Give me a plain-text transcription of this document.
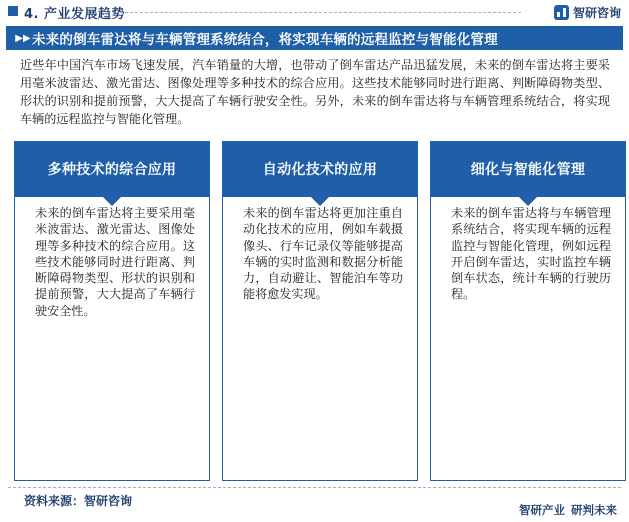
4. 产业发展趋势	智研咨询
▶▶ 未来的倒车雷达将与车辆管理系统结合，将实现车辆的远程监控与智能化管理
近些年中国汽车市场飞速发展，汽车销量的大增，也带动了倒车雷达产品迅猛发展，未来的倒车雷达将主要采用毫米波雷达、激光雷达、图像处理等多种技术的综合应用。这些技术能够同时进行距离、判断障碍物类型、形状的识别和提前预警，大大提高了车辆行驶安全性。另外，未来的倒车雷达将与车辆管理系统结合，将实现车辆的远程监控与智能化管理。
多种技术的综合应用
未来的倒车雷达将主要采用毫米波雷达、激光雷达、图像处理等多种技术的综合应用。这些技术能够同时进行距离、判断障碍物类型、形状的识别和提前预警，大大提高了车辆行驶安全性。
自动化技术的应用
未来的倒车雷达将更加注重自动化技术的应用，例如车载摄像头、行车记录仪等能够提高车辆的实时监测和数据分析能力，自动避让、智能泊车等功能将愈发实现。
细化与智能化管理
未来的倒车雷达将与车辆管理系统结合，将实现车辆的远程监控与智能化管理，例如远程开启倒车雷达，实时监控车辆倒车状态，统计车辆的行驶历程。
资料来源：智研咨询
智研产业 研判未来
